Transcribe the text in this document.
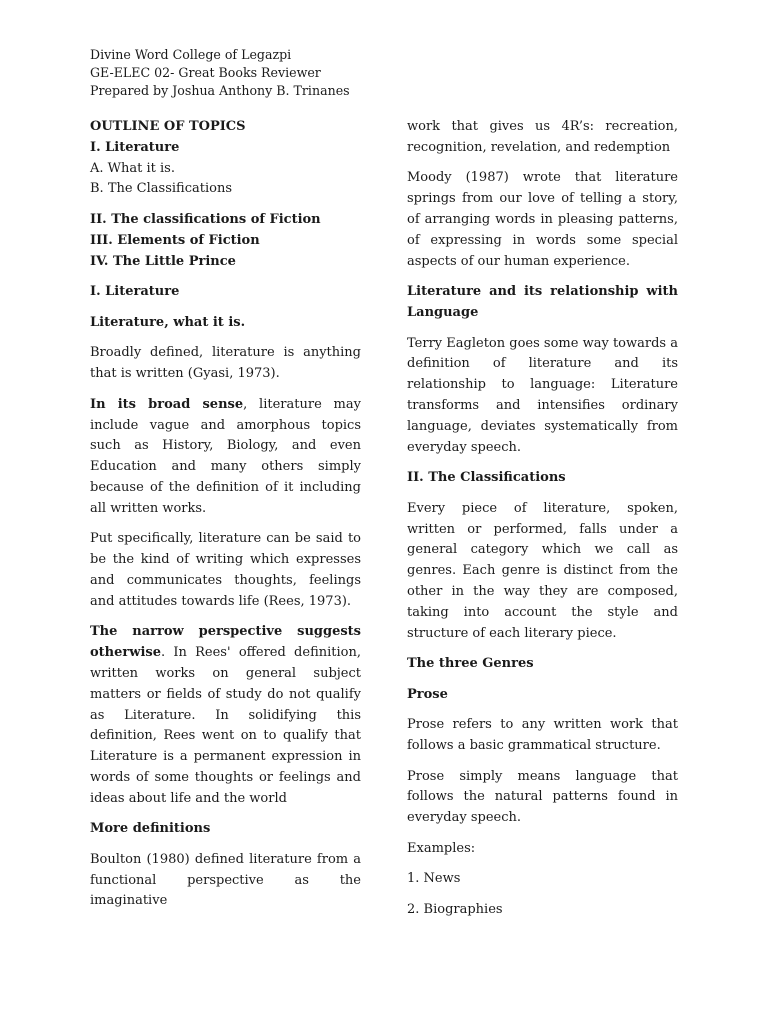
Divine Word College of Legazpi
GE-ELEC 02- Great Books Reviewer
Prepared by Joshua Anthony B. Trinanes
OUTLINE OF TOPICS
I. Literature
A. What it is.

B. The Classifications

II. The classifications of Fiction
III. Elements of Fiction

IV. The Little Prince

I. Literature

Literature, what it is.

Broadly defined, literature is anything that is written (Gyasi, 1973).

In its broad sense, literature may include vague and amorphous topics such as History, Biology, and even Education and many others simply because of the definition of it including all written works.

Put specifically, literature can be said to be the kind of writing which expresses and communicates thoughts, feelings and attitudes towards life (Rees, 1973).

The narrow perspective suggests otherwise. In Rees' offered definition, written works on general subject matters or fields of study do not qualify as Literature. In solidifying this definition, Rees went on to qualify that Literature is a permanent expression in words of some thoughts or feelings and ideas about life and the world

More definitions

Boulton (1980) defined literature from a functional perspective as the imaginative

work that gives us 4R’s: recreation, recognition, revelation, and redemption

Moody (1987) wrote that literature springs from our love of telling a story, of arranging words in pleasing patterns, of expressing in words some special aspects of our human experience.

Literature and its relationship with Language

Terry Eagleton goes some way towards a definition of literature and its relationship to language: Literature transforms and intensifies ordinary language, deviates systematically from everyday speech.

II. The Classifications

Every piece of literature, spoken, written or performed, falls under a general category which we call as genres. Each genre is distinct from the other in the way they are composed, taking into account the style and structure of each literary piece.

The three Genres

Prose

Prose refers to any written work that follows a basic grammatical structure.

Prose simply means language that follows the natural patterns found in everyday speech.

Examples:

1. News

2. Biographies
